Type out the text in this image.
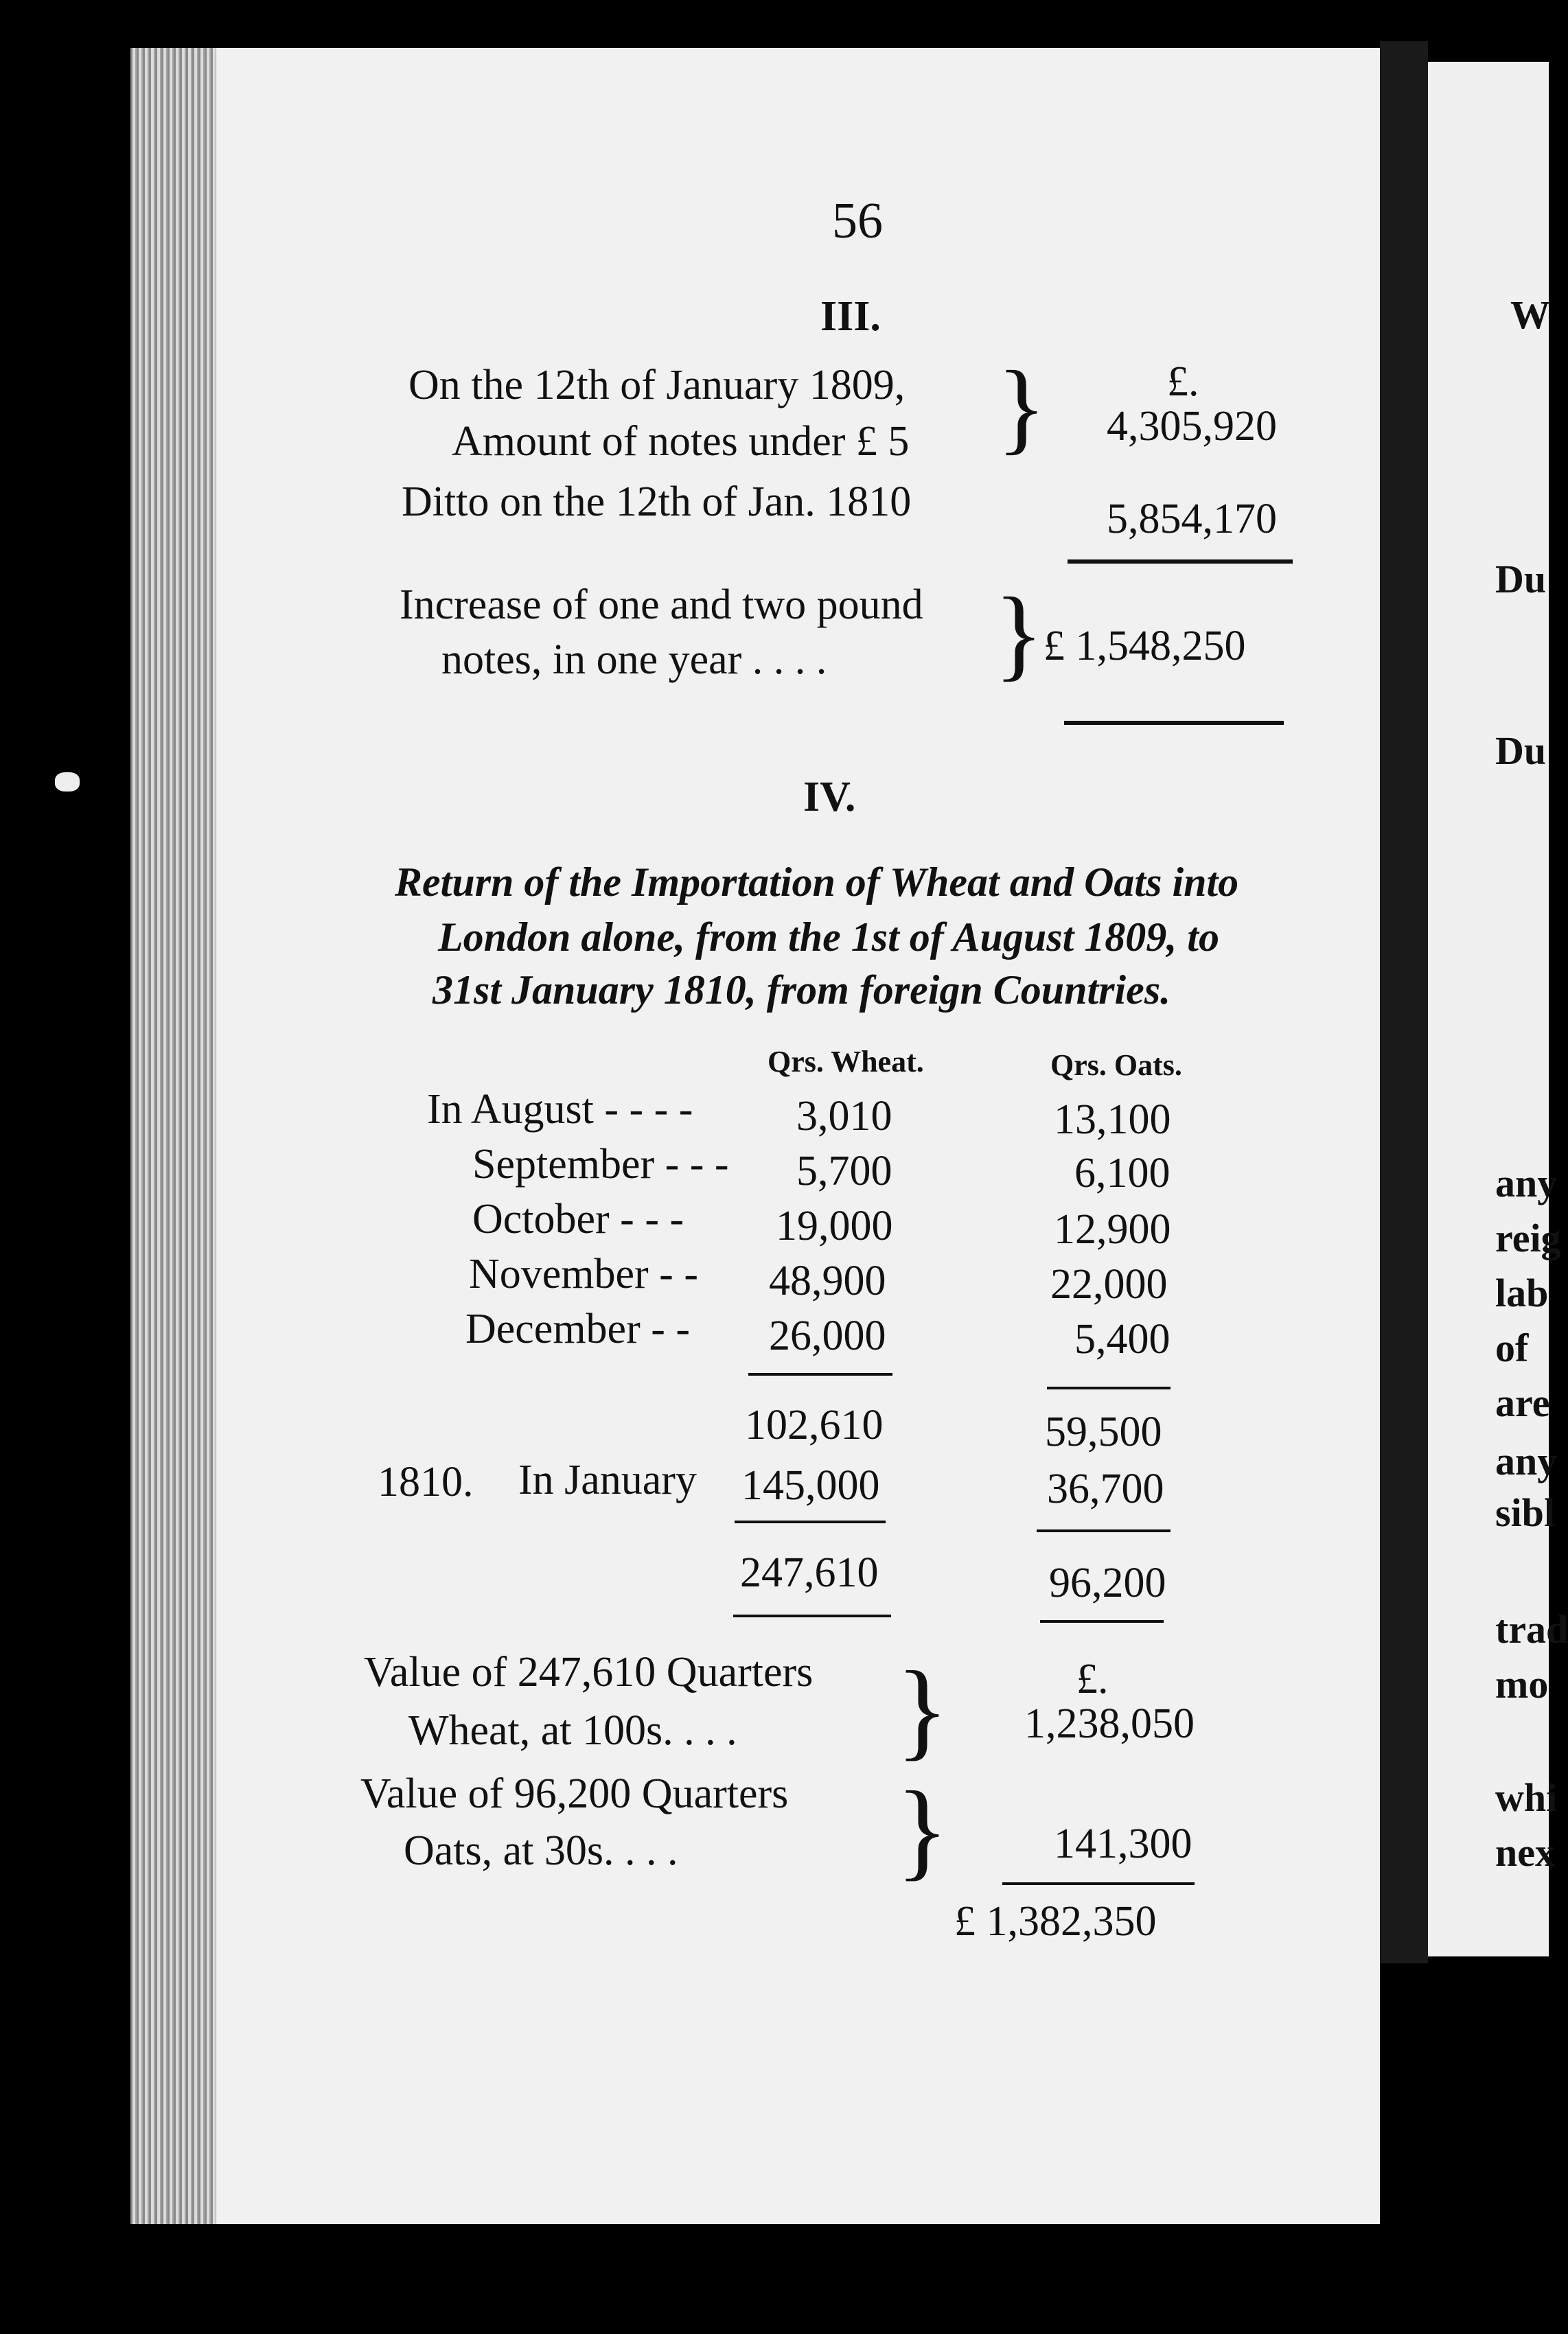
56
III.
On the 12th of January 1809,
Amount of notes under £ 5 }	£.
4,305,920
Ditto on the 12th of Jan. 1810	5,854,170
Increase of one and two pound
notes, in one year . . . . } £ 1,548,250
IV.
Return of the Importation of Wheat and Oats into
London alone, from the 1st of August 1809, to
31st January 1810, from foreign Countries.
Qrs. Wheat.	Qrs. Oats.
In August - - - - 3,010	13,100
September - - - 5,700	6,100
October - - - 19,000	12,900
November - - 48,900	22,000
December - - 26,000	5,400
102,610	59,500
1810. In January 145,000	36,700
247,610	96,200
Value of 247,610 Quarters
Wheat, at 100s. . . . }	£.
1,238,050
Value of 96,200 Quarters
Oats, at 30s. . . . } 141,300
£ 1,382,350
W
Du
Du
any
reig
lab
of
are
any
sibl
trad
mo
whi
nex
